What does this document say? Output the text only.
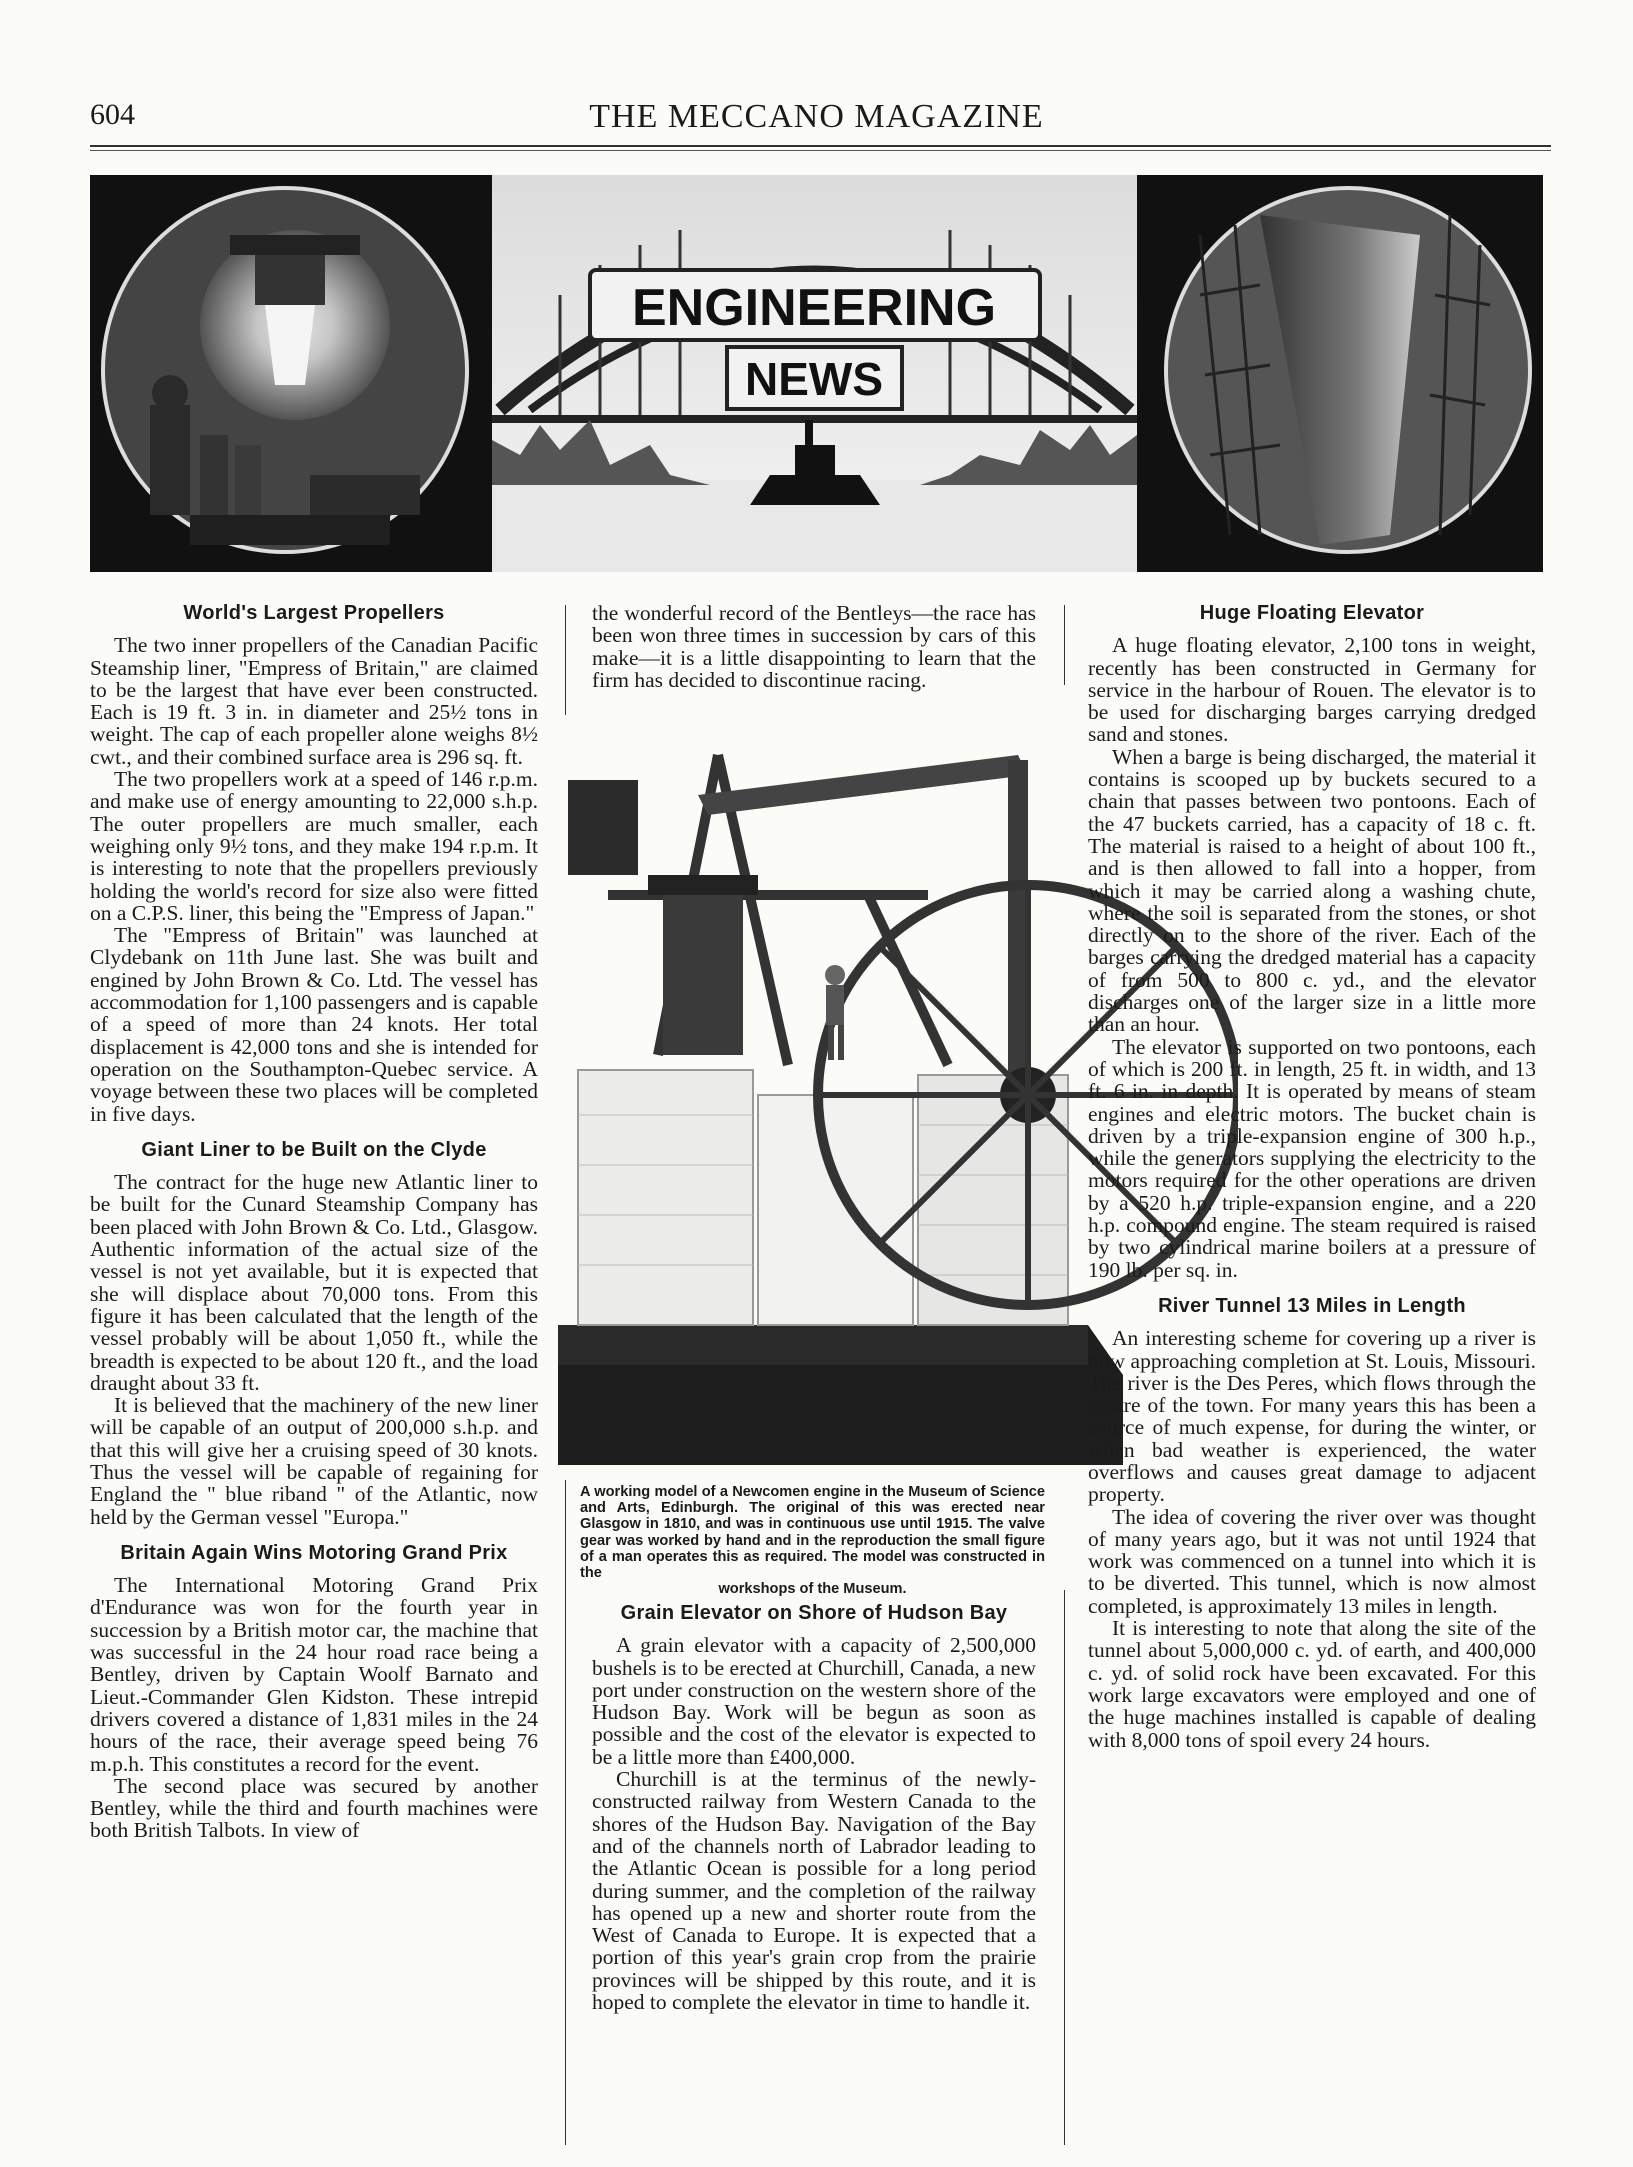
604	THE MECCANO MAGAZINE
ENGINEERING
NEWS
World's Largest Propellers

The two inner propellers of the Canadian Pacific Steamship liner, "Empress of Britain," are claimed to be the largest that have ever been constructed. Each is 19 ft. 3 in. in diameter and 25½ tons in weight. The cap of each propeller alone weighs 8½ cwt., and their combined surface area is 296 sq. ft.

The two propellers work at a speed of 146 r.p.m. and make use of energy amounting to 22,000 s.h.p. The outer propellers are much smaller, each weighing only 9½ tons, and they make 194 r.p.m. It is interesting to note that the propellers previously holding the world's record for size also were fitted on a C.P.S. liner, this being the "Empress of Japan."

The "Empress of Britain" was launched at Clydebank on 11th June last. She was built and engined by John Brown & Co. Ltd. The vessel has accommodation for 1,100 passengers and is capable of a speed of more than 24 knots. Her total displacement is 42,000 tons and she is intended for operation on the Southampton-Quebec service. A voyage between these two places will be completed in five days.

Giant Liner to be Built on the Clyde

The contract for the huge new Atlantic liner to be built for the Cunard Steamship Company has been placed with John Brown & Co. Ltd., Glasgow. Authentic information of the actual size of the vessel is not yet available, but it is expected that she will displace about 70,000 tons. From this figure it has been calculated that the length of the vessel probably will be about 1,050 ft., while the breadth is expected to be about 120 ft., and the load draught about 33 ft.

It is believed that the machinery of the new liner will be capable of an output of 200,000 s.h.p. and that this will give her a cruising speed of 30 knots. Thus the vessel will be capable of regaining for England the " blue riband " of the Atlantic, now held by the German vessel "Europa."

Britain Again Wins Motoring Grand Prix

The International Motoring Grand Prix d'Endurance was won for the fourth year in succession by a British motor car, the machine that was successful in the 24 hour road race being a Bentley, driven by Captain Woolf Barnato and Lieut.-Commander Glen Kidston. These intrepid drivers covered a distance of 1,831 miles in the 24 hours of the race, their average speed being 76 m.p.h. This constitutes a record for the event.

The second place was secured by another Bentley, while the third and fourth machines were both British Talbots. In view of

the wonderful record of the Bentleys—the race has been won three times in succession by cars of this make—it is a little disappointing to learn that the firm has decided to discontinue racing.

A working model of a Newcomen engine in the Museum of Science and Arts, Edinburgh. The original of this was erected near Glasgow in 1810, and was in continuous use until 1915. The valve gear was worked by hand and in the reproduction the small figure of a man operates this as required. The model was constructed in the
workshops of the Museum.
Grain Elevator on Shore of Hudson Bay

A grain elevator with a capacity of 2,500,000 bushels is to be erected at Churchill, Canada, a new port under construction on the western shore of the Hudson Bay. Work will be begun as soon as possible and the cost of the elevator is expected to be a little more than £400,000.

Churchill is at the terminus of the newly-constructed railway from Western Canada to the shores of the Hudson Bay. Navigation of the Bay and of the channels north of Labrador leading to the Atlantic Ocean is possible for a long period during summer, and the completion of the railway has opened up a new and shorter route from the West of Canada to Europe. It is expected that a portion of this year's grain crop from the prairie provinces will be shipped by this route, and it is hoped to complete the elevator in time to handle it.

Huge Floating Elevator

A huge floating elevator, 2,100 tons in weight, recently has been constructed in Germany for service in the harbour of Rouen. The elevator is to be used for discharging barges carrying dredged sand and stones.

When a barge is being discharged, the material it contains is scooped up by buckets secured to a chain that passes between two pontoons. Each of the 47 buckets carried, has a capacity of 18 c. ft. The material is raised to a height of about 100 ft., and is then allowed to fall into a hopper, from which it may be carried along a washing chute, where the soil is separated from the stones, or shot directly on to the shore of the river. Each of the barges carrying the dredged material has a capacity of from 500 to 800 c. yd., and the elevator discharges one of the larger size in a little more than an hour.

The elevator is supported on two pontoons, each of which is 200 ft. in length, 25 ft. in width, and 13 ft. 6 in. in depth. It is operated by means of steam engines and electric motors. The bucket chain is driven by a triple-expansion engine of 300 h.p., while the generators supplying the electricity to the motors required for the other operations are driven by a 520 h.p. triple-expansion engine, and a 220 h.p. compound engine. The steam required is raised by two cylindrical marine boilers at a pressure of 190 lb. per sq. in.

River Tunnel 13 Miles in Length

An interesting scheme for covering up a river is now approaching completion at St. Louis, Missouri. The river is the Des Peres, which flows through the centre of the town. For many years this has been a source of much expense, for during the winter, or when bad weather is experienced, the water overflows and causes great damage to adjacent property.

The idea of covering the river over was thought of many years ago, but it was not until 1924 that work was commenced on a tunnel into which it is to be diverted. This tunnel, which is now almost completed, is approximately 13 miles in length.

It is interesting to note that along the site of the tunnel about 5,000,000 c. yd. of earth, and 400,000 c. yd. of solid rock have been excavated. For this work large excavators were employed and one of the huge machines installed is capable of dealing with 8,000 tons of spoil every 24 hours.
